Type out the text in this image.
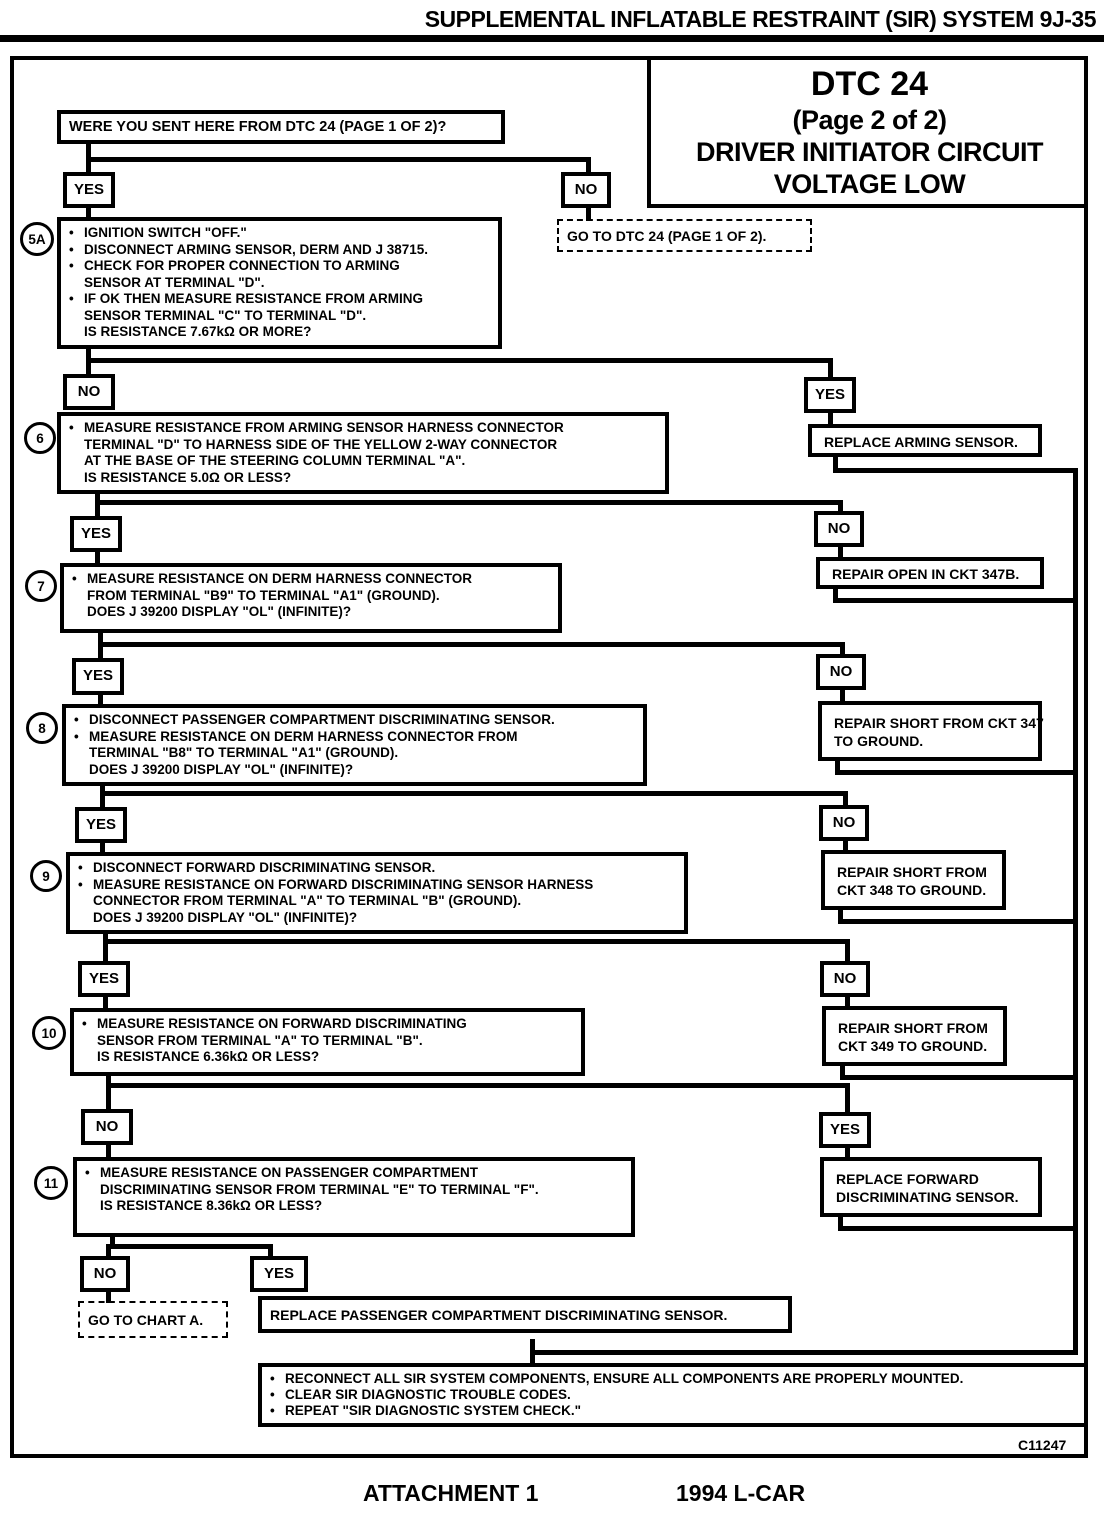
SUPPLEMENTAL INFLATABLE RESTRAINT (SIR) SYSTEM 9J-35
DTC 24
(Page 2 of 2)
DRIVER INITIATOR CIRCUIT
VOLTAGE LOW
WERE YOU SENT HERE FROM DTC 24 (PAGE 1 OF 2)?
YES	NO
GO TO DTC 24 (PAGE 1 OF 2).
5A • IGNITION SWITCH "OFF."
• DISCONNECT ARMING SENSOR, DERM AND J 38715.
• CHECK FOR PROPER CONNECTION TO ARMING
SENSOR AT TERMINAL "D".
• IF OK THEN MEASURE RESISTANCE FROM ARMING
SENSOR TERMINAL "C" TO TERMINAL "D".
IS RESISTANCE 7.67kΩ OR MORE?
NO	YES
REPLACE ARMING SENSOR.
6
• MEASURE RESISTANCE FROM ARMING SENSOR HARNESS CONNECTOR
TERMINAL "D" TO HARNESS SIDE OF THE YELLOW 2-WAY CONNECTOR
AT THE BASE OF THE STEERING COLUMN TERMINAL "A".
IS RESISTANCE 5.0Ω OR LESS?
YES	NO
REPAIR OPEN IN CKT 347B.
7 • MEASURE RESISTANCE ON DERM HARNESS CONNECTOR
FROM TERMINAL "B9" TO TERMINAL "A1" (GROUND).
DOES J 39200 DISPLAY "OL" (INFINITE)?
YES	NO
REPAIR SHORT FROM CKT 347
TO GROUND.
8
• DISCONNECT PASSENGER COMPARTMENT DISCRIMINATING SENSOR.
• MEASURE RESISTANCE ON DERM HARNESS CONNECTOR FROM
TERMINAL "B8" TO TERMINAL "A1" (GROUND).
DOES J 39200 DISPLAY "OL" (INFINITE)?
YES	NO
REPAIR SHORT FROM
CKT 348 TO GROUND.
9
• DISCONNECT FORWARD DISCRIMINATING SENSOR.
• MEASURE RESISTANCE ON FORWARD DISCRIMINATING SENSOR HARNESS
CONNECTOR FROM TERMINAL "A" TO TERMINAL "B" (GROUND).
DOES J 39200 DISPLAY "OL" (INFINITE)?
YES	NO
REPAIR SHORT FROM
CKT 349 TO GROUND.
10
• MEASURE RESISTANCE ON FORWARD DISCRIMINATING
SENSOR FROM TERMINAL "A" TO TERMINAL "B".
IS RESISTANCE 6.36kΩ OR LESS?
NO	YES
REPLACE FORWARD
DISCRIMINATING SENSOR.
11
• MEASURE RESISTANCE ON PASSENGER COMPARTMENT
DISCRIMINATING SENSOR FROM TERMINAL "E" TO TERMINAL "F".
IS RESISTANCE 8.36kΩ OR LESS?
NO	YES
GO TO CHART A.	REPLACE PASSENGER COMPARTMENT DISCRIMINATING SENSOR.
• RECONNECT ALL SIR SYSTEM COMPONENTS, ENSURE ALL COMPONENTS ARE PROPERLY MOUNTED.
• CLEAR SIR DIAGNOSTIC TROUBLE CODES.
• REPEAT "SIR DIAGNOSTIC SYSTEM CHECK."
C11247
ATTACHMENT 1	1994 L-CAR
